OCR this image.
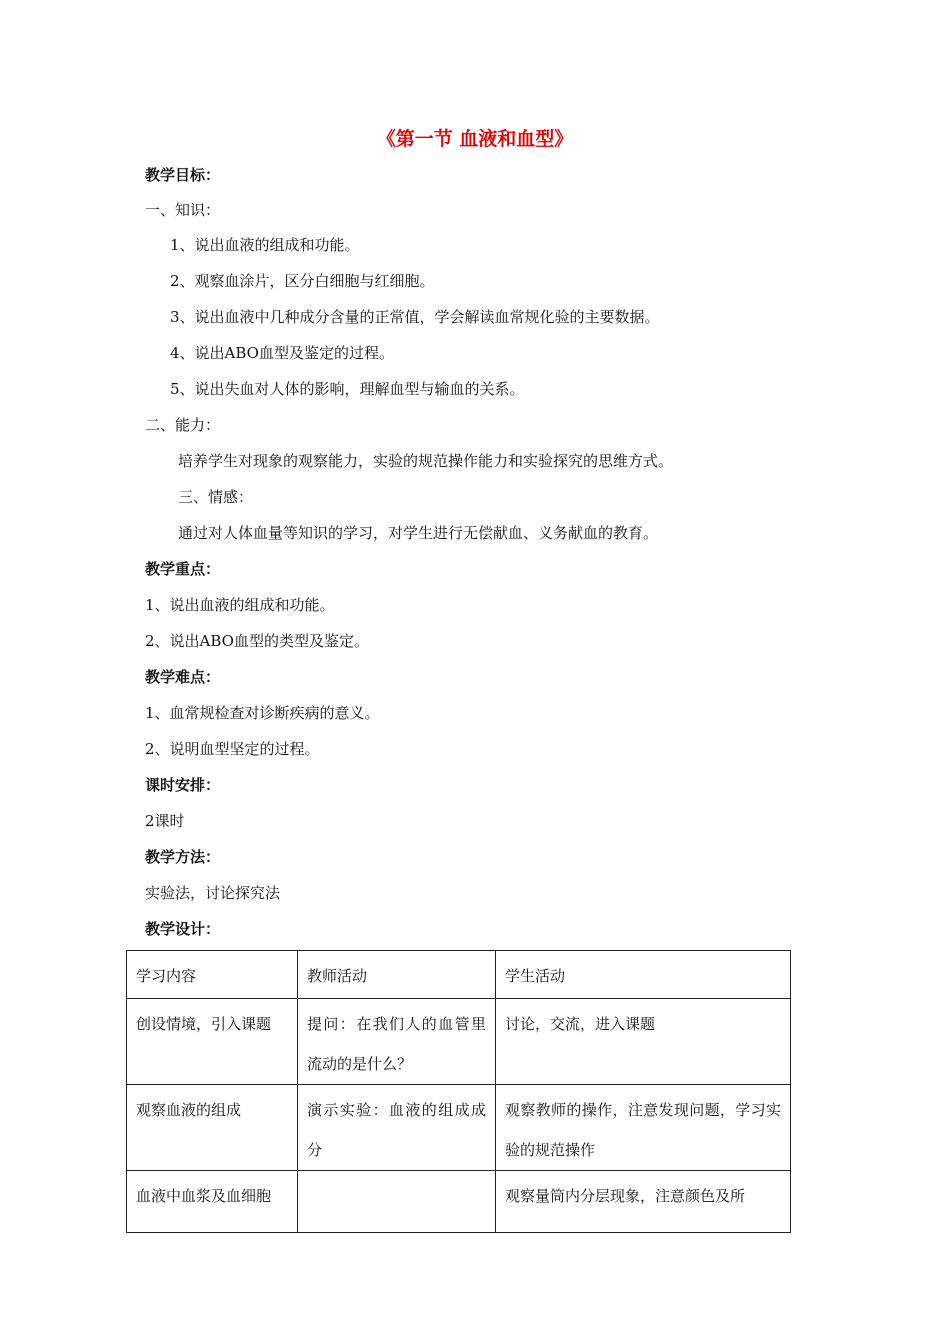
《第一节 血液和血型》
教学目标：
一、知识：
1、说出血液的组成和功能。
2、观察血涂片，区分白细胞与红细胞。
3、说出血液中几种成分含量的正常值，学会解读血常规化验的主要数据。
4、说出ABO血型及鉴定的过程。
5、说出失血对人体的影响，理解血型与输血的关系。
二、能力：
培养学生对现象的观察能力，实验的规范操作能力和实验探究的思维方式。
三、情感：
通过对人体血量等知识的学习，对学生进行无偿献血、义务献血的教育。
教学重点：
1、说出血液的组成和功能。
2、说出ABO血型的类型及鉴定。
教学难点：
1、血常规检查对诊断疾病的意义。
2、说明血型坚定的过程。
课时安排：
2课时
教学方法：
实验法，讨论探究法
教学设计：
学习内容	教师活动	学生活动
创设情境，引入课题	提问：在我们人的血管里流动的是什么？	讨论，交流，进入课题
观察血液的组成	演示实验：血液的组成成分	观察教师的操作，注意发现问题，学习实验的规范操作
血液中血浆及血细胞		观察量筒内分层现象，注意颜色及所
